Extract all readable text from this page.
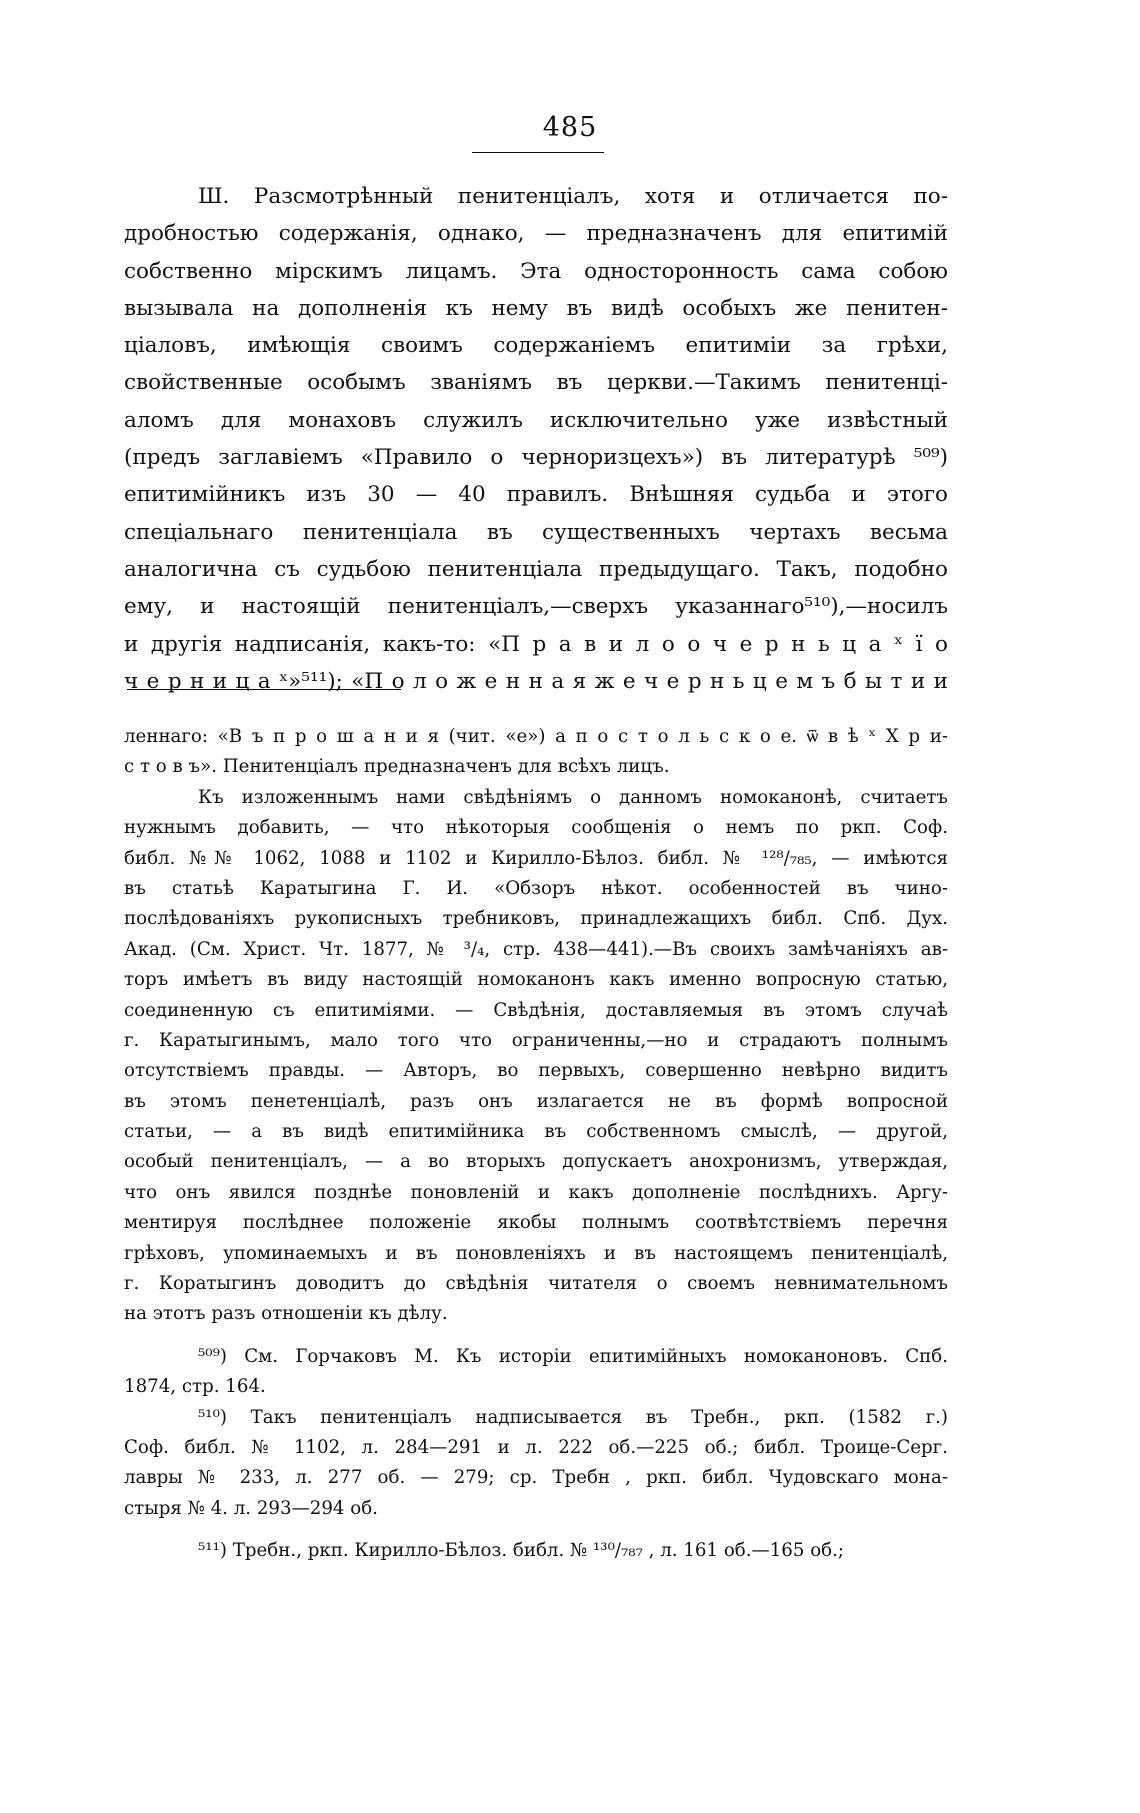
485
Ш. Разсмотрѣнный пенитенціалъ, хотя и отличается по-
дробностью содержанія, однако, — предназначенъ для епитимій
собственно мірскимъ лицамъ. Эта односторонность сама собою
вызывала на дополненія къ нему въ видѣ особыхъ же пенитен-
ціаловъ, имѣющія своимъ содержаніемъ епитиміи за грѣхи,
свойственные особымъ званіямъ въ церкви.—Такимъ пенитенці-
аломъ для монаховъ служилъ исключительно уже извѣстный
(предъ заглавіемъ «Правило о черноризцехъ») въ литературѣ ⁵⁰⁹)
епитимійникъ изъ 30 — 40 правилъ. Внѣшняя судьба и этого
спеціальнаго пенитенціала въ существенныхъ чертахъ весьма
аналогична съ судьбою пенитенціала предыдущаго. Такъ, подобно
ему, и настоящій пенитенціалъ,—сверхъ указаннаго⁵¹⁰),—носилъ
и другія надписанія, какъ-то: «П р а в и л о о ч е р н ь ц а ˣ ї о
ч е р н и ц а ˣ»⁵¹¹); «П о л о ж е н н а я ж е ч е р н ь ц е м ъ б ы т и и
леннаго: «В ъ п р о ш а н и я (чит. «е») а п о с т о л ь с к о е. ѿ в ѣ ˣ Х р и-
с т о в ъ». Пенитенціалъ предназначенъ для всѣхъ лицъ.
Къ изложеннымъ нами свѣдѣніямъ о данномъ номоканонѣ, считаетъ
нужнымъ добавить, — что нѣкоторыя сообщенія о немъ по ркп. Соф.
библ. №№ 1062, 1088 и 1102 и Кирилло-Бѣлоз. библ. № ¹²⁸/₇₈₅, — имѣются
въ статьѣ Каратыгина Г. И. «Обзоръ нѣкот. особенностей въ чино-
послѣдованіяхъ рукописныхъ требниковъ, принадлежащихъ библ. Спб. Дух.
Акад. (См. Христ. Чт. 1877, № ³/₄, стр. 438—441).—Въ своихъ замѣчаніяхъ ав-
торъ имѣетъ въ виду настоящій номоканонъ какъ именно вопросную статью,
соединенную съ епитиміями. — Свѣдѣнія, доставляемыя въ этомъ случаѣ
г. Каратыгинымъ, мало того что ограниченны,—но и страдаютъ полнымъ
отсутствіемъ правды. — Авторъ, во первыхъ, совершенно невѣрно видитъ
въ этомъ пенетенціалѣ, разъ онъ излагается не въ формѣ вопросной
статьи, — а въ видѣ епитимійника въ собственномъ смыслѣ, — другой,
особый пенитенціалъ, — а во вторыхъ допускаетъ анохронизмъ, утверждая,
что онъ явился позднѣе поновленій и какъ дополненіе послѣднихъ. Аргу-
ментируя послѣднее положеніе якобы полнымъ соотвѣтствіемъ перечня
грѣховъ, упоминаемыхъ и въ поновленіяхъ и въ настоящемъ пенитенціалѣ,
г. Коратыгинъ доводитъ до свѣдѣнія читателя о своемъ невнимательномъ
на этотъ разъ отношеніи къ дѣлу.
⁵⁰⁹) См. Горчаковъ М. Къ исторіи епитимійныхъ номоканоновъ. Спб.
1874, стр. 164.
⁵¹⁰) Такъ пенитенціалъ надписывается въ Требн., ркп. (1582 г.)
Соф. библ. № 1102, л. 284—291 и л. 222 об.—225 об.; библ. Троице-Серг.
лавры № 233, л. 277 об. — 279; ср. Требн , ркп. библ. Чудовскаго мона-
стыря № 4. л. 293—294 об.
⁵¹¹) Требн., ркп. Кирилло-Бѣлоз. библ. № ¹³⁰/₇₈₇ , л. 161 об.—165 об.;
